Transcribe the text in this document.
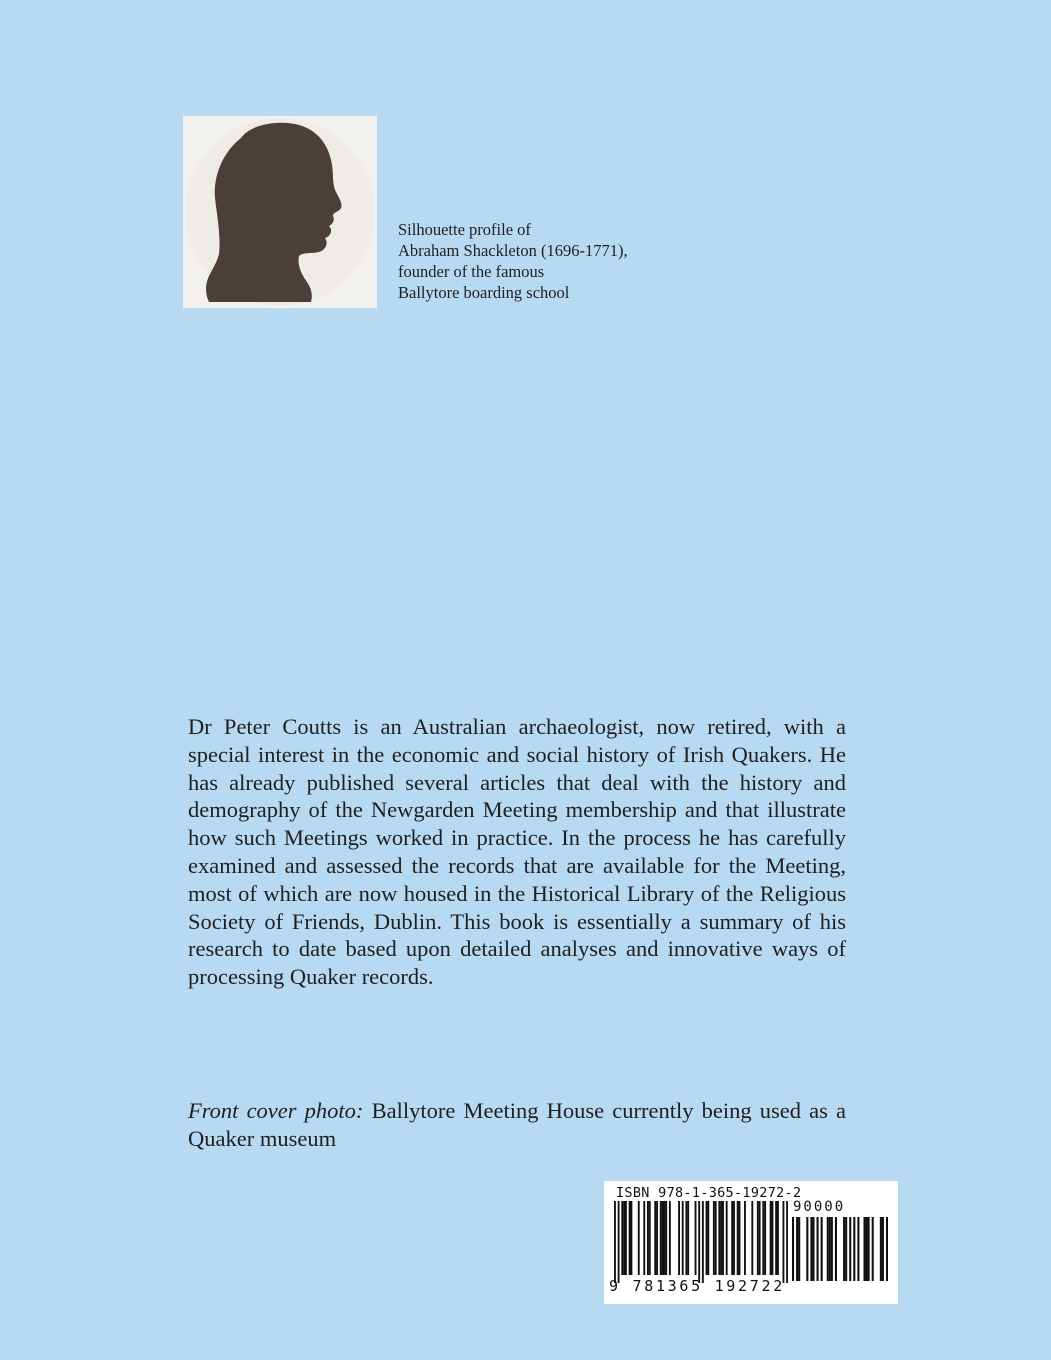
Silhouette profile of
Abraham Shackleton (1696-1771),
founder of the famous
Ballytore boarding school

Dr Peter Coutts is an Australian archaeologist, now retired, with a special interest in the economic and social history of Irish Quakers. He has already published several articles that deal with the history and demography of the Newgarden Meeting membership and that illustrate how such Meetings worked in practice. In the process he has carefully examined and assessed the records that are available for the Meeting, most of which are now housed in the Historical Library of the Religious Society of Friends, Dublin. This book is essentially a summary of his research to date based upon detailed analyses and innovative ways of processing Quaker records.

Front cover photo: Ballytore Meeting House currently being used as a Quaker museum

ISBN 978-1-365-19272-2
9 781365 192722
90000
